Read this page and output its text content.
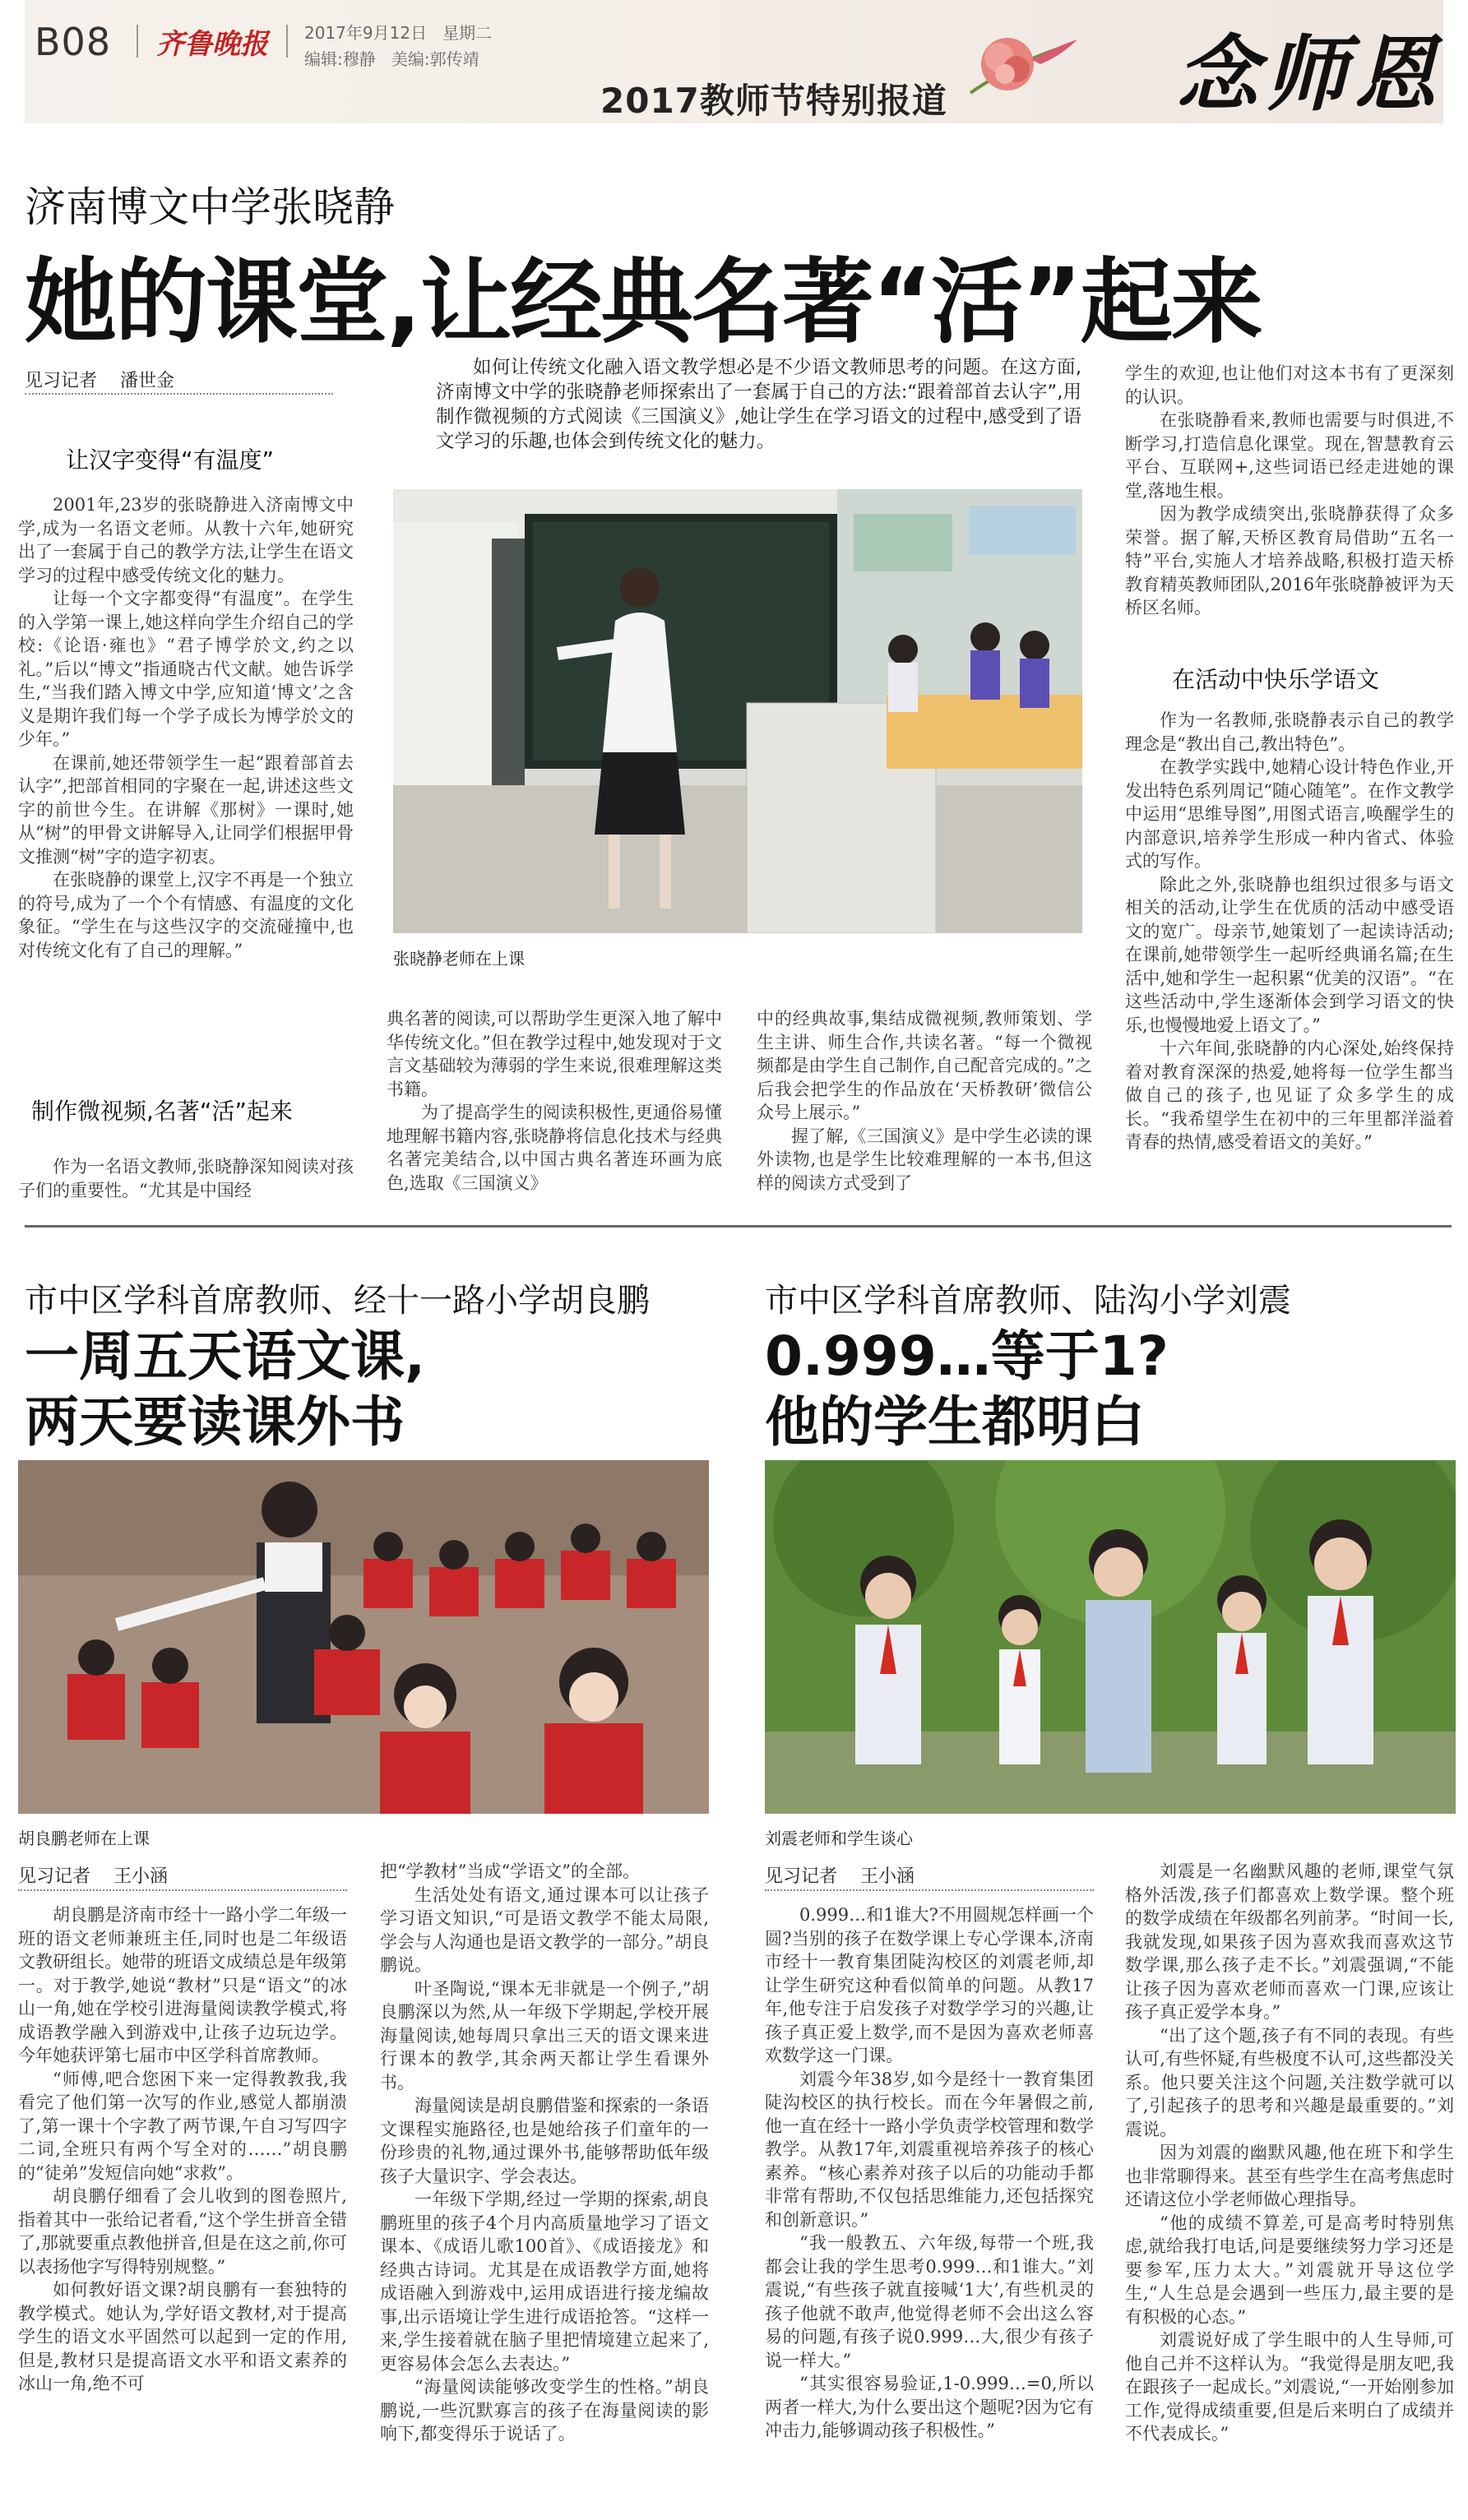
B08 齐鲁晚报 2017年9月12日 星期二
编辑:穆静 美编:郭传靖
2017教师节特别报道	念师恩
济南博文中学张晓静
她的课堂,让经典名著“活”起来
见习记者 潘世金
如何让传统文化融入语文教学想必是不少语文教师思考的问题。在这方面,济南博文中学的张晓静老师探索出了一套属于自己的方法:“跟着部首去认字”,用制作微视频的方式阅读《三国演义》,她让学生在学习语文的过程中,感受到了语文学习的乐趣,也体会到传统文化的魅力。
张晓静老师在上课
让汉字变得“有温度”

2001年,23岁的张晓静进入济南博文中学,成为一名语文老师。从教十六年,她研究出了一套属于自己的教学方法,让学生在语文学习的过程中感受传统文化的魅力。

让每一个文字都变得“有温度”。在学生的入学第一课上,她这样向学生介绍自己的学校:《论语·雍也》“君子博学於文,约之以礼。”后以“博文”指通晓古代文献。她告诉学生,“当我们踏入博文中学,应知道‘博文’之含义是期许我们每一个学子成长为博学於文的少年。”

在课前,她还带领学生一起“跟着部首去认字”,把部首相同的字聚在一起,讲述这些文字的前世今生。在讲解《那树》一课时,她从“树”的甲骨文讲解导入,让同学们根据甲骨文推测“树”字的造字初衷。

在张晓静的课堂上,汉字不再是一个独立的符号,成为了一个个有情感、有温度的文化象征。“学生在与这些汉字的交流碰撞中,也对传统文化有了自己的理解。”

制作微视频,名著“活”起来

作为一名语文教师,张晓静深知阅读对孩子们的重要性。“尤其是中国经

典名著的阅读,可以帮助学生更深入地了解中华传统文化。”但在教学过程中,她发现对于文言文基础较为薄弱的学生来说,很难理解这类书籍。

为了提高学生的阅读积极性,更通俗易懂地理解书籍内容,张晓静将信息化技术与经典名著完美结合,以中国古典名著连环画为底色,选取《三国演义》

中的经典故事,集结成微视频,教师策划、学生主讲、师生合作,共读名著。“每一个微视频都是由学生自己制作,自己配音完成的。”之后我会把学生的作品放在‘天桥教研’微信公众号上展示。”

握了解,《三国演义》是中学生必读的课外读物,也是学生比较难理解的一本书,但这样的阅读方式受到了

学生的欢迎,也让他们对这本书有了更深刻的认识。

在张晓静看来,教师也需要与时俱进,不断学习,打造信息化课堂。现在,智慧教育云平台、互联网+,这些词语已经走进她的课堂,落地生根。

因为教学成绩突出,张晓静获得了众多荣誉。据了解,天桥区教育局借助“五名一特”平台,实施人才培养战略,积极打造天桥教育精英教师团队,2016年张晓静被评为天桥区名师。

在活动中快乐学语文

作为一名教师,张晓静表示自己的教学理念是“教出自己,教出特色”。

在教学实践中,她精心设计特色作业,开发出特色系列周记“随心随笔”。在作文教学中运用“思维导图”,用图式语言,唤醒学生的内部意识,培养学生形成一种内省式、体验式的写作。

除此之外,张晓静也组织过很多与语文相关的活动,让学生在优质的活动中感受语文的宽广。母亲节,她策划了一起读诗活动;在课前,她带领学生一起听经典诵名篇;在生活中,她和学生一起积累“优美的汉语”。“在这些活动中,学生逐渐体会到学习语文的快乐,也慢慢地爱上语文了。”

十六年间,张晓静的内心深处,始终保持着对教育深深的热爱,她将每一位学生都当做自己的孩子,也见证了众多学生的成长。“我希望学生在初中的三年里都洋溢着青春的热情,感受着语文的美好。”

市中区学科首席教师、经十一路小学胡良鹏
一周五天语文课,
两天要读课外书
胡良鹏老师在上课
见习记者 王小涵

胡良鹏是济南市经十一路小学二年级一班的语文老师兼班主任,同时也是二年级语文教研组长。她带的班语文成绩总是年级第一。对于教学,她说“教材”只是“语文”的冰山一角,她在学校引进海量阅读教学模式,将成语教学融入到游戏中,让孩子边玩边学。今年她获评第七届市中区学科首席教师。

“师傅,吧合您困下来一定得教教我,我看完了他们第一次写的作业,感觉人都崩溃了,第一课十个字教了两节课,午自习写四字二词,全班只有两个写全对的……”胡良鹏的“徒弟”发短信向她“求救”。

胡良鹏仔细看了会儿收到的图卷照片,指着其中一张给记者看,“这个学生拼音全错了,那就要重点教他拼音,但是在这之前,你可以表扬他字写得特别规整。”

如何教好语文课?胡良鹏有一套独特的教学模式。她认为,学好语文教材,对于提高学生的语文水平固然可以起到一定的作用,但是,教材只是提高语文水平和语文素养的冰山一角,绝不可

把“学教材”当成“学语文”的全部。

生活处处有语文,通过课本可以让孩子学习语文知识,“可是语文教学不能太局限,学会与人沟通也是语文教学的一部分。”胡良鹏说。

叶圣陶说,“课本无非就是一个例子,”胡良鹏深以为然,从一年级下学期起,学校开展海量阅读,她每周只拿出三天的语文课来进行课本的教学,其余两天都让学生看课外书。

海量阅读是胡良鹏借鉴和探索的一条语文课程实施路径,也是她给孩子们童年的一份珍贵的礼物,通过课外书,能够帮助低年级孩子大量识字、学会表达。

一年级下学期,经过一学期的探索,胡良鹏班里的孩子4个月内高质量地学习了语文课本、《成语儿歌100首》、《成语接龙》和经典古诗词。尤其是在成语教学方面,她将成语融入到游戏中,运用成语进行接龙编故事,出示语境让学生进行成语抢答。“这样一来,学生接着就在脑子里把情境建立起来了,更容易体会怎么去表达。”

“海量阅读能够改变学生的性格。”胡良鹏说,一些沉默寡言的孩子在海量阅读的影响下,都变得乐于说话了。

市中区学科首席教师、陆沟小学刘震
0.999…等于1?
他的学生都明白
刘震老师和学生谈心
见习记者 王小涵

0.999…和1谁大?不用圆规怎样画一个圆?当别的孩子在数学课上专心学课本,济南市经十一教育集团陡沟校区的刘震老师,却让学生研究这种看似简单的问题。从教17年,他专注于启发孩子对数学学习的兴趣,让孩子真正爱上数学,而不是因为喜欢老师喜欢数学这一门课。

刘震今年38岁,如今是经十一教育集团陡沟校区的执行校长。而在今年暑假之前,他一直在经十一路小学负责学校管理和数学教学。从教17年,刘震重视培养孩子的核心素养。“核心素养对孩子以后的功能动手都非常有帮助,不仅包括思维能力,还包括探究和创新意识。”

“我一般教五、六年级,每带一个班,我都会让我的学生思考0.999…和1谁大。”刘震说,“有些孩子就直接喊‘1大’,有些机灵的孩子他就不敢声,他觉得老师不会出这么容易的问题,有孩子说0.999…大,很少有孩子说一样大。”

“其实很容易验证,1-0.999…=0,所以两者一样大,为什么要出这个题呢?因为它有冲击力,能够调动孩子积极性。”

刘震是一名幽默风趣的老师,课堂气氛格外活泼,孩子们都喜欢上数学课。整个班的数学成绩在年级都名列前茅。“时间一长,我就发现,如果孩子因为喜欢我而喜欢这节数学课,那么孩子走不长。”刘震强调,“不能让孩子因为喜欢老师而喜欢一门课,应该让孩子真正爱学本身。”

“出了这个题,孩子有不同的表现。有些认可,有些怀疑,有些极度不认可,这些都没关系。他只要关注这个问题,关注数学就可以了,引起孩子的思考和兴趣是最重要的。”刘震说。

因为刘震的幽默风趣,他在班下和学生也非常聊得来。甚至有些学生在高考焦虑时还请这位小学老师做心理指导。

“他的成绩不算差,可是高考时特别焦虑,就给我打电话,问是要继续努力学习还是要参军,压力太大。”刘震就开导这位学生,“人生总是会遇到一些压力,最主要的是有积极的心态。”

刘震说好成了学生眼中的人生导师,可他自己并不这样认为。“我觉得是朋友吧,我在跟孩子一起成长。”刘震说,“一开始刚参加工作,觉得成绩重要,但是后来明白了成绩并不代表成长。”
